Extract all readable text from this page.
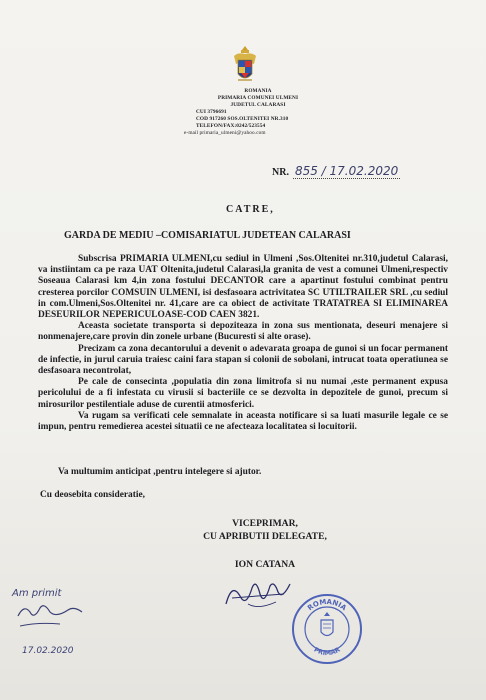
ROMANIA
PRIMARIA COMUNEI ULMENI
JUDETUL CALARASI
CUI 3796691
COD 917260 SOS.OLTENITEI NR.310
TELEFON/FAX:0242/523554
e-mail primaria_ulmeni@yahoo.com
NR. 855 / 17.02.2020
CATRE,
GARDA DE MEDIU –COMISARIATUL JUDETEAN CALARASI

Subscrisa PRIMARIA ULMENI,cu sediul in Ulmeni ,Sos.Oltenitei nr.310,judetul Calarasi, va instiintam ca pe raza UAT Oltenita,judetul Calarasi,la granita de vest a comunei Ulmeni,respectiv Soseaua Calarasi km 4,in zona fostului DECANTOR care a apartinut fostului combinat pentru cresterea porcilor COMSUIN ULMENI, isi desfasoara actrivitatea SC UTILTRAILER SRL ,cu sediul in com.Ulmeni,Sos.Oltenitei nr. 41,care are ca obiect de activitate TRATATREA SI ELIMINAREA DESEURILOR NEPERICULOASE-COD CAEN 3821.

Aceasta societate transporta si depoziteaza in zona sus mentionata, deseuri menajere si nonmenajere,care provin din zonele urbane (Bucuresti si alte orase).

Precizam ca zona decantorului a devenit o adevarata groapa de gunoi si un focar permanent de infectie, in jurul caruia traiesc caini fara stapan si colonii de sobolani, intrucat toata operatiunea se desfasoara necontrolat,

Pe cale de consecinta ,populatia din zona limitrofa si nu numai ,este permanent expusa pericolului de a fi infestata cu virusii si bacteriile ce se dezvolta in depozitele de gunoi, precum si mirosurilor pestilentiale aduse de curentii atmosferici.

Va rugam sa verificati cele semnalate in aceasta notificare si sa luati masurile legale ce se impun, pentru remedierea acestei situatii ce ne afecteaza localitatea si locuitorii.

Va multumim anticipat ,pentru intelegere si ajutor.
Cu deosebita consideratie,
VICEPRIMAR,
CU APRIBUTII DELEGATE,
ION CATANA
ROMANIA
PRIMAR
Am primit
17.02.2020
